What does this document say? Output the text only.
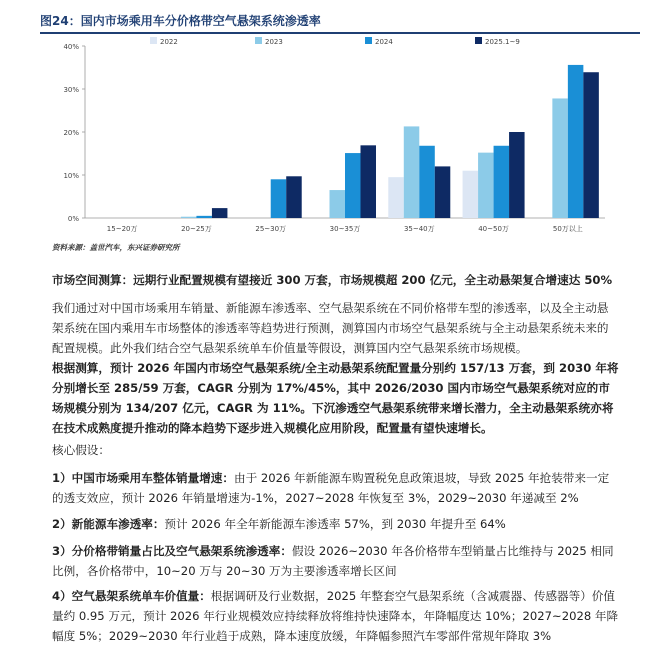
图24：国内市场乘用车分价格带空气悬架系统渗透率
0%
10%
20%
30%
40%
15~20万	20~25万	25~30万	30~35万	35~40万	40~50万	50万以上
2022	2023	2024	2025.1~9
资料来源：盖世汽车，东兴证券研究所

市场空间测算：远期行业配置规模有望接近 300 万套，市场规模超 200 亿元，全主动悬架复合增速达 50%

我们通过对中国市场乘用车销量、新能源车渗透率、空气悬架系统在不同价格带车型的渗透率，以及全主动悬架系统在国内乘用车市场整体的渗透率等趋势进行预测，测算国内市场空气悬架系统与全主动悬架系统未来的配置规模。此外我们结合空气悬架系统单车价值量等假设，测算国内空气悬架系统市场规模。

根据测算，预计 2026 年国内市场空气悬架系统/全主动悬架系统配置量分别约 157/13 万套，到 2030 年将分别增长至 285/59 万套，CAGR 分别为 17%/45%，其中 2026/2030 国内市场空气悬架系统对应的市场规模分别为 134/207 亿元，CAGR 为 11%。下沉渗透空气悬架系统带来增长潜力，全主动悬架系统亦将在技术成熟度提升推动的降本趋势下逐步进入规模化应用阶段，配置量有望快速增长。

核心假设：

1）中国市场乘用车整体销量增速：由于 2026 年新能源车购置税免息政策退坡，导致 2025 年抢装带来一定的透支效应，预计 2026 年销量增速为-1%，2027~2028 年恢复至 3%，2029~2030 年递减至 2%

2）新能源车渗透率：预计 2026 年全年新能源车渗透率 57%，到 2030 年提升至 64%

3）分价格带销量占比及空气悬架系统渗透率：假设 2026~2030 年各价格带车型销量占比维持与 2025 相同比例，各价格带中，10~20 万与 20~30 万为主要渗透率增长区间

4）空气悬架系统单车价值量：根据调研及行业数据，2025 年整套空气悬架系统（含减震器、传感器等）价值量约 0.95 万元，预计 2026 年行业规模效应持续释放将维持快速降本，年降幅度达 10%；2027~2028 年降幅度 5%；2029~2030 年行业趋于成熟，降本速度放缓，年降幅参照汽车零部件常规年降取 3%
